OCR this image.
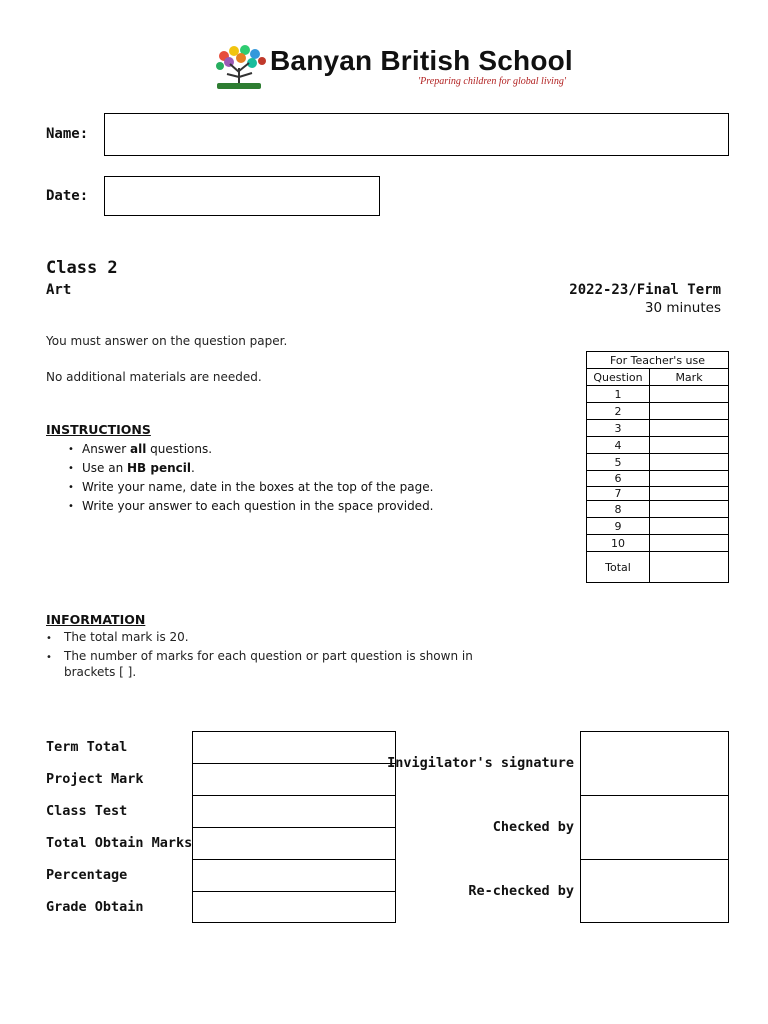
Banyan British School
'Preparing children for global living'
Name:
Date:
Class 2
Art	2022-23/Final Term
30 minutes
You must answer on the question paper.
No additional materials are needed.
INSTRUCTIONS
• Answer all questions.
• Use an HB pencil.
• Write your name, date in the boxes at the top of the page.
• Write your answer to each question in the space provided.
For Teacher's use	
Question	Mark
1	
2	
3	
4	
5	
6	
7	
8	
9	
10	
Total	
INFORMATION
• The total mark is 20.
• The number of marks for each question or part question is shown in
brackets [ ].
Term Total
Project Mark
Class Test
Total Obtain Marks
Percentage
Grade Obtain
Invigilator's signature
Checked by
Re-checked by
